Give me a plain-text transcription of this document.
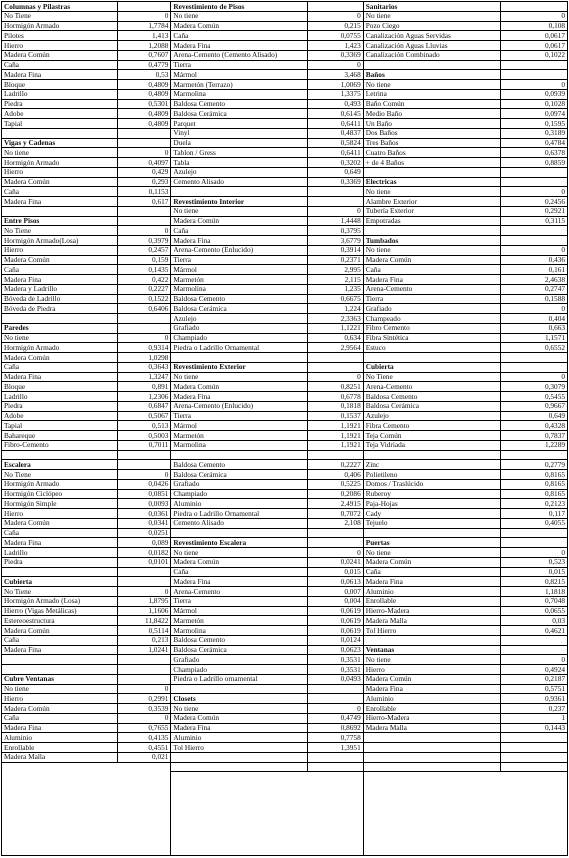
Columnas y Pilastras
No Tiene	0
Hormigón Armado	1,7784
Pilotes	1,413
Hierro	1,2088
Madera Común	0,7607
Caña	0,4779
Madera Fina	0,53
Bloque	0,4809
Ladrillo	0,4809
Piedra	0,5301
Adobe	0,4809
Tapial	0,4809
Vigas y Cadenas
No tiene	0
Hormigón Armado	0,4097
Hierro	0,429
Madera Común	0,293
Caña	0,1153
Madera Fina	0,617
Entre Pisos
No Tiene	0
Hormigón Armado(Losa)	0,3979
Hierro	0,2457
Madera Común	0,159
Caña	0,1435
Madera Fina	0,422
Madera y Ladrillo	0,2227
Bóveda de Ladrillo	0,1522
Bóveda de Piedra	0,6406
Paredes
No tiene	0
Hormigón Armado	0,9314
Madera Común	1,0298
Caña	0,3643
Madera Fina	1,3247
Bloque	0,891
Ladrillo	1,2306
Piedra	0,6847
Adobe	0,5067
Tapial	0,513
Bahareque	0,5003
Fibro-Cemento	0,7011
Escalera
No Tiene	0
Hormigón Armado	0,0426
Hormigón Ciclópeo	0,0851
Hormigón Simple	0,0093
Hierro	0,0361
Madera Común	0,0341
Caña	0,0251
Madera Fina	0,089
Ladrillo	0,0182
Piedra	0,0101
Cubierta
No Tiene	0
Hormigón Armado (Losa)	1,8795
Hierro (Vigas Metálicas)	1,1606
Estereoestructura	11,8422
Madera Común	0,5114
Caña	0,213
Madera Fina	1,0241
Cubre Ventanas
No tiene	0
Hierro	0,2991
Madera Común	0,3539
Caña	0
Madera Fina	0,7655
Aluminio	0,4135
Enrollable	0,4551
Madera Malla	0,021
Revestimiento de Pisos
No tiene	0
Madera Común	0,215
Caña	0,0755
Madera Fina	1,423
Arena-Cemento (Cemento Alisado)	0,3369
Tierra	0
Mármol	3,468
Marmetón (Terrazo)	1,0069
Marmolina	1,3375
Baldosa Cemento	0,493
Baldosa Cerámica	0,6145
Parquet	0,6411
Vinyl	0,4837
Duela	0,5824
Tablon / Gress	0,6411
Tabla	0,3202
Azulejo	0,649
Cemento Alisado	0,3369
Revestimiento Interior
No tiene	0
Madera Común	1,4448
Caña	0,3795
Madera Fina	3,6779
Arena-Cemento (Enlucido)	0,3914
Tierra	0,2371
Mármol	2,995
Marmetón	2,115
Marmolina	1,235
Baldosa Cemento	0,6675
Baldosa Cerámica	1,224
Azulejo	2,3363
Grafiado	1,1221
Champiado	0,634
Piedra o Ladrillo Ornamental	2,9564
Revestimiento Exterior
No tiene	0
Madera Común	0,8251
Madera Fina	0,6778
Arena-Cemento (Enlucido)	0,1818
Tierra	0,1537
Mármol	1,1921
Marmetón	1,1921
Marmolina	1,1921
Baldosa Cemento	0,2227
Baldosa Cerámica	0,406
Grafiado	0,5225
Champiado	0,2086
Aluminio	2,4915
Piedra o Ladrillo Ornamental	0,7072
Cemento Alisado	2,108
Revestimiento Escalera
No tiene	0
Madera Común	0,0241
Caña	0,015
Madera Fina	0,0613
Arena-Cemento	0,007
Tierra	0,004
Mármol	0,0619
Marmetón	0,0619
Marmolina	0,0619
Baldosa Cemento	0,0124
Baldosa Cerámica	0,0623
Grafiado	0,3531
Champiado	0,3531
Piedra o Ladrillo ornamental	0,0493
Closets
No tiene	0
Madera Común	0,4749
Madera Fina	0,8692
Aluminio	0,7758
Tol Hierro	1,3951
Sanitarios
No tiene	0
Pozo Ciego	0,108
Canalización Aguas Servidas	0,0617
Canalización Aguas Lluvias	0,0617
Canalización Combinado	0,1022
Baños
No tiene	0
Letrina	0,0939
Baño Común	0,1028
Medio Baño	0,0974
Un Baño	0,1595
Dos Baños	0,3189
Tres Baños	0,4784
Cuatro Baños	0,6378
+ de 4 Baños	0,8859
Electricas
No tiene	0
Alambre Exterior	0,2456
Tubería Exterior	0,2921
Empotradas	0,3115
Tumbados
No tiene	0
Madera Común	0,436
Caña	0,161
Madera Fina	2,4638
Arena-Cemento	0,2747
Tierra	0,1588
Grafiado	0
Champeado	0,404
Fibro Cemento	0,663
Fibra Sintética	1,1571
Estuco	0,6552
Cubierta
No Tiene	0
Arena-Cemento	0,3079
Baldosa Cemento	0,5455
Baldosa Cerámica	0,9667
Azulejo	0,649
Fibra Cemento	0,4328
Teja Común	0,7837
Teja Vidriada	1,2289
Zinc	0,2779
Polietileno	0,8165
Domos / Traslúcido	0,8165
Ruberoy	0,8165
Paja-Hojas	0,2123
Cady	0,117
Tejuelo	0,4055
Puertas
No tiene	0
Madera Común	0,523
Caña	0,015
Madera Fina	0,8215
Aluminio	1,1818
Enrollable	0,7048
Hierro-Madera	0,0655
Madera Malla	0,03
Tol Hierro	0,4621
Ventanas
No tiene	0
Hierro	0,4924
Madera Común	0,2187
Madera Fina	0,5751
Aluminio	0,9361
Enrollable	0,237
Hierro-Madera	1
Madera Malla	0,1443
